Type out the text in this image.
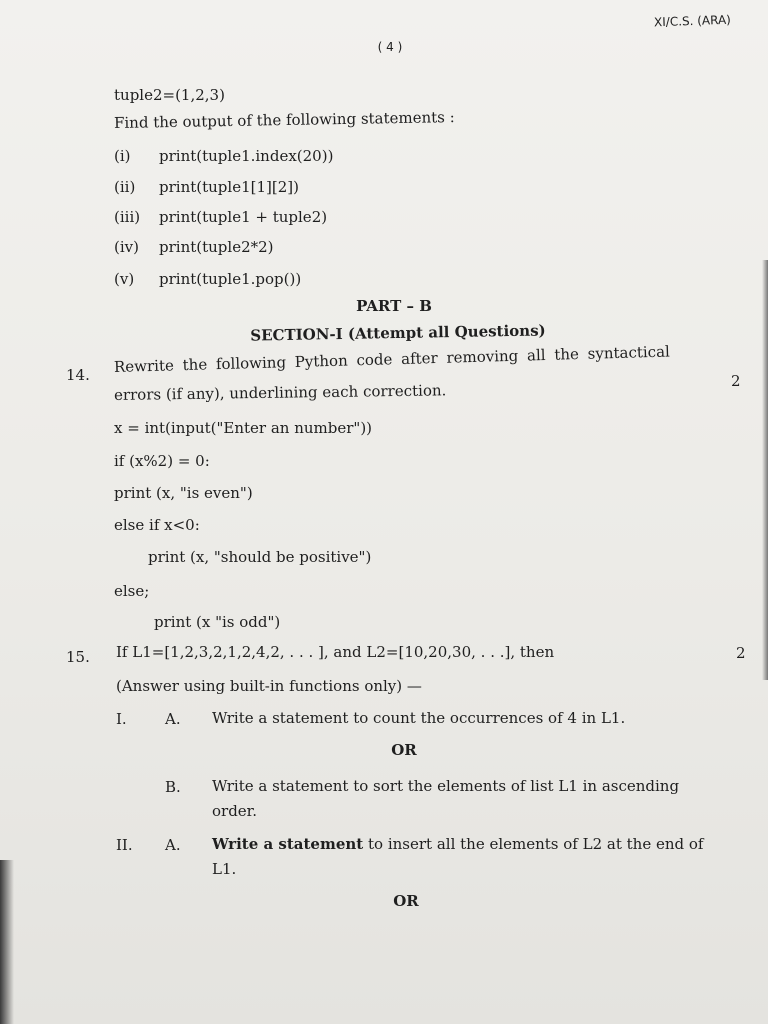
XI/C.S. (ARA)
( 4 )
tuple2=(1,2,3)
Find the output of the following statements :
(i) print(tuple1.index(20))
(ii) print(tuple1[1][2])
(iii) print(tuple1 + tuple2)
(iv) print(tuple2*2)
(v) print(tuple1.pop())
PART – B
SECTION-I (Attempt all Questions)
14. Rewrite the following Python code after removing all the syntactical
2
errors (if any), underlining each correction.
x = int(input("Enter an number"))
if (x%2) = 0:
print (x, "is even")
else if x<0:
print (x, "should be positive")
else;
print (x "is odd")
15. If L1=[1,2,3,2,1,2,4,2, . . . ], and L2=[10,20,30, . . .], then	2
(Answer using built-in functions only) —
I.	A. Write a statement to count the occurrences of 4 in L1.
OR
B. Write a statement to sort the elements of list L1 in ascending
order.
II. A. Write a statement to insert all the elements of L2 at the end of
L1.
OR
